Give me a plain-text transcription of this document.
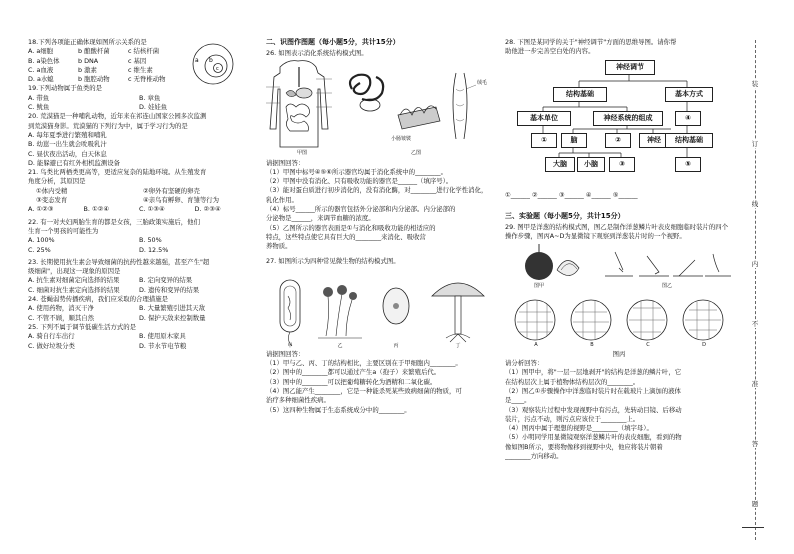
18.下列各项能正确体现如图所示关系的是
A. a细胞	b 酿酸杆菌	c 结核杆菌
B. a染色体	b DNA	c 基因
C. a血液	b 激素	c 维生素
D. a水螅	b 胞腔动物	c 无脊椎动物
a b
c
19.下列动物属于鱼类的是
A. 带鱼	B. 章鱼
C. 鱿鱼	D. 娃娃鱼
20. 荒漠猫是一种哺乳动物，近年来在祁连山国家公园多次监测
到荒漠猫身影。荒漠猫的下列行为中，属于学习行为的是
A. 每年夏季进行繁殖和哺乳
B. 幼崽一出生就会吮吸乳汁
C. 昼伏夜出活动，白天休息
D. 能躲避已有红外相机监测设备
21. 鸟类比两栖类更高等，更适应复杂的陆地环境。从生殖发育
角度分析，其原因是
①体内受精	②卵外有坚硬的卵壳
③变态发育	④亲鸟有孵卵、育雏等行为
A. ①②③	B. ①②④	C. ①③④	D. ②③④
22. 有一对夫妇两胎生育的都是女孩，三胎政策实施后，他们
生育一个男孩的可能性为
A. 100%	B. 50%
C. 25%	D. 12.5%
23. 长期使用抗生素会导致细菌的抗药性越来越强，甚至产生"超
级细菌"，出现这一现象的原因是
A. 抗生素对细菌定向选择的结果	B. 定向变异的结果
C. 细菌对抗生素定向选择的结果	D. 遗传和变异的结果
24. 苍蝇弱势传播疾病，我们应采取的合理措施是
A. 使用药物，消灭干净	B. 大量繁殖引进其天敌
C. 不管不顾，顺其自然	D. 保护天敌来控制数量
25. 下列不属于调节低碳生活方式的是
A. 骑自行车出行	B. 使用原木家具
C. 做好垃圾分类	D. 节水节电节粮
二、识图作图题（每小题5分，共计15分）
26. 如图表示消化系统结构模式图。
甲图
小肠皱襞
绒毛
乙图
请据图回答：
（1）甲图中标号④⑤⑥所示器官均属于消化系统中的________。
（2）甲图中没有消化、只有吸收功能的器官是______（填序号）。
（3）能对蛋白质进行初步消化的，没有消化酶，对________进行化学性消化，
乳化作用。
（4）标号______所示的器官包括外分泌部和内分泌部。内分泌部的
分泌物是______，来调节血糖的浓度。
（5）乙图所示的器官表面是①与消化和吸收功能的相适应的
特点，这些特点使它具有巨大的________来消化、吸收营
养物质。
27. 如图所示为四种常见微生物的结构模式图。
甲	乙	丙	丁
请据图回答：
（1）甲与乙、丙、丁的结构相比，主要区别在于甲细胞内________。
（2）图中的________都可以通过产生a（孢子）来繁殖后代。
（3）图中的________可以把葡萄糖转化为酒精和二氧化碳。
（4）图乙能产生________，它是一种能杀死某些致病细菌的物质，可
治疗多种细菌性疾病。
（5）这四种生物属于生态系统成分中的________。
28. 下图是某同学的关于"神经调节"方面的思维导图。请你帮
助他进一步完善空白处的内容。
神经调节
结构基础	基本方式
基本单位	神经系统的组成	④
①	脑	②	神经	结构基础
大脑	小脑	③	⑤
①______ ②______ ③______ ④______ ⑤______
三、实验题（每小题5分，共计15分）
29. 图甲是洋葱的结构模式图，图乙是制作洋葱鳞片叶表皮细胞临时装片的四个
操作步骤，图丙A~D为显微镜下观察到洋葱装片时的一个视野。
图甲	图乙
A	B	C	D
图丙
请分析回答：
（1）图甲中，将"一层一层地剥开"的结构是洋葱的鳞片叶，它
在结构层次上属于植物体结构层次的________。
（2）图乙①步骤操作中洋葱临时装片时在载玻片上滴加的液体
是____。
（3）观察装片过程中发现视野中有污点，先转动目镜、后移动
装片，污点不动，则污点应该位于________上。
（4）图丙中属于理想的视野是________（填字母）。
（5）小明同学用显微镜观察洋葱鳞片叶的表皮细胞，看到的物
像如图B所示，要将物像移到视野中央，他应将装片朝着
________方向移动。
装
订
线
内
不
准
答
题
